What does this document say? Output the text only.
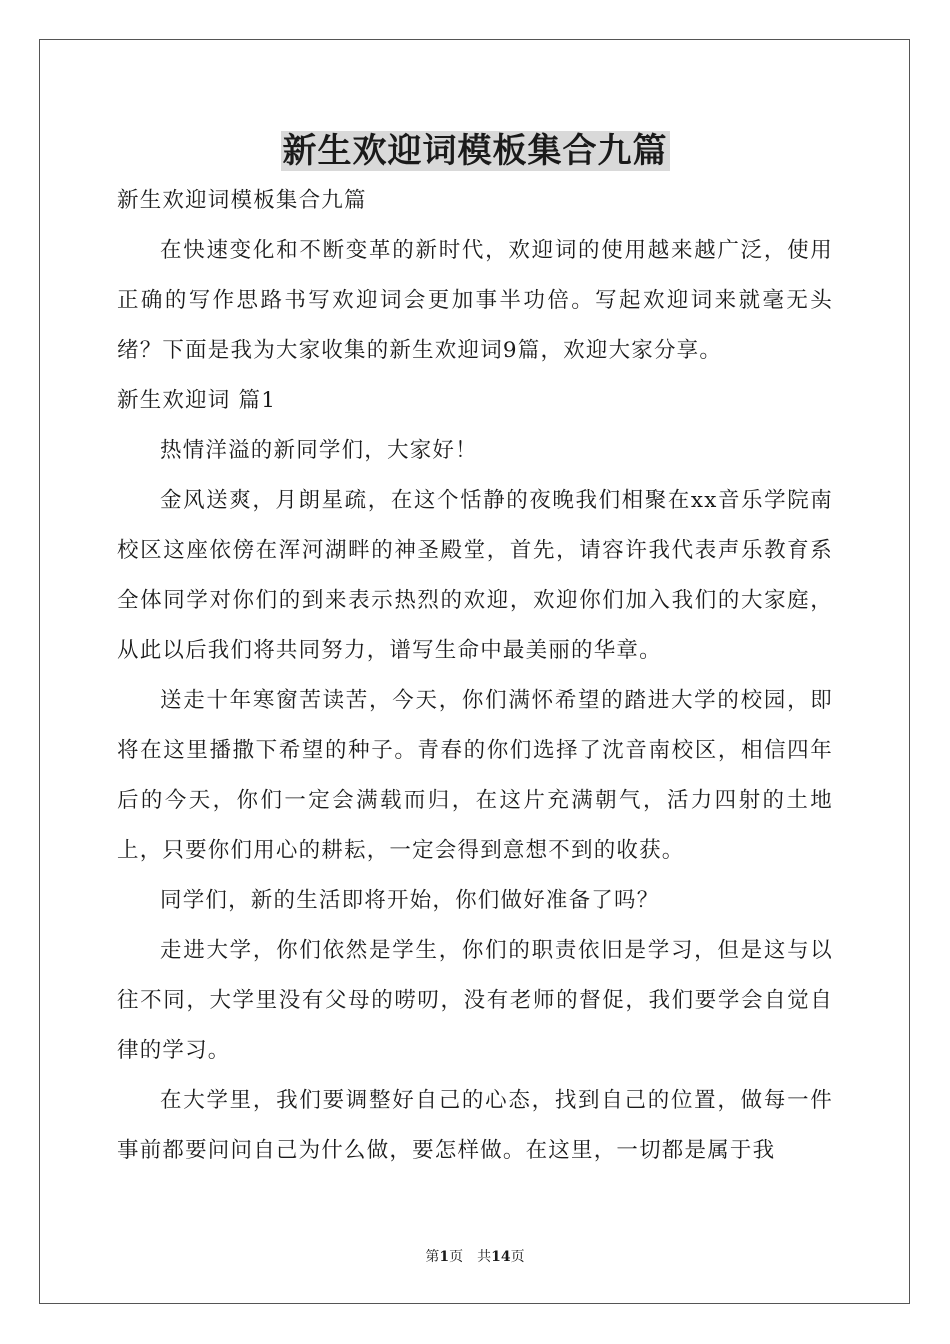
新生欢迎词模板集合九篇

新生欢迎词模板集合九篇

在快速变化和不断变革的新时代，欢迎词的使用越来越广泛，使用正确的写作思路书写欢迎词会更加事半功倍。写起欢迎词来就毫无头绪？下面是我为大家收集的新生欢迎词9篇，欢迎大家分享。

新生欢迎词 篇1

热情洋溢的新同学们，大家好！

金风送爽，月朗星疏，在这个恬静的夜晚我们相聚在xx音乐学院南校区这座依傍在浑河湖畔的神圣殿堂，首先，请容许我代表声乐教育系全体同学对你们的到来表示热烈的欢迎，欢迎你们加入我们的大家庭，从此以后我们将共同努力，谱写生命中最美丽的华章。

送走十年寒窗苦读苦，今天，你们满怀希望的踏进大学的校园，即将在这里播撒下希望的种子。青春的你们选择了沈音南校区，相信四年后的今天，你们一定会满载而归，在这片充满朝气，活力四射的土地上，只要你们用心的耕耘，一定会得到意想不到的收获。

同学们，新的生活即将开始，你们做好准备了吗？

走进大学，你们依然是学生，你们的职责依旧是学习，但是这与以往不同，大学里没有父母的唠叨，没有老师的督促，我们要学会自觉自律的学习。

在大学里，我们要调整好自己的心态，找到自己的位置，做每一件事前都要问问自己为什么做，要怎样做。在这里，一切都是属于我

第1页 共14页
